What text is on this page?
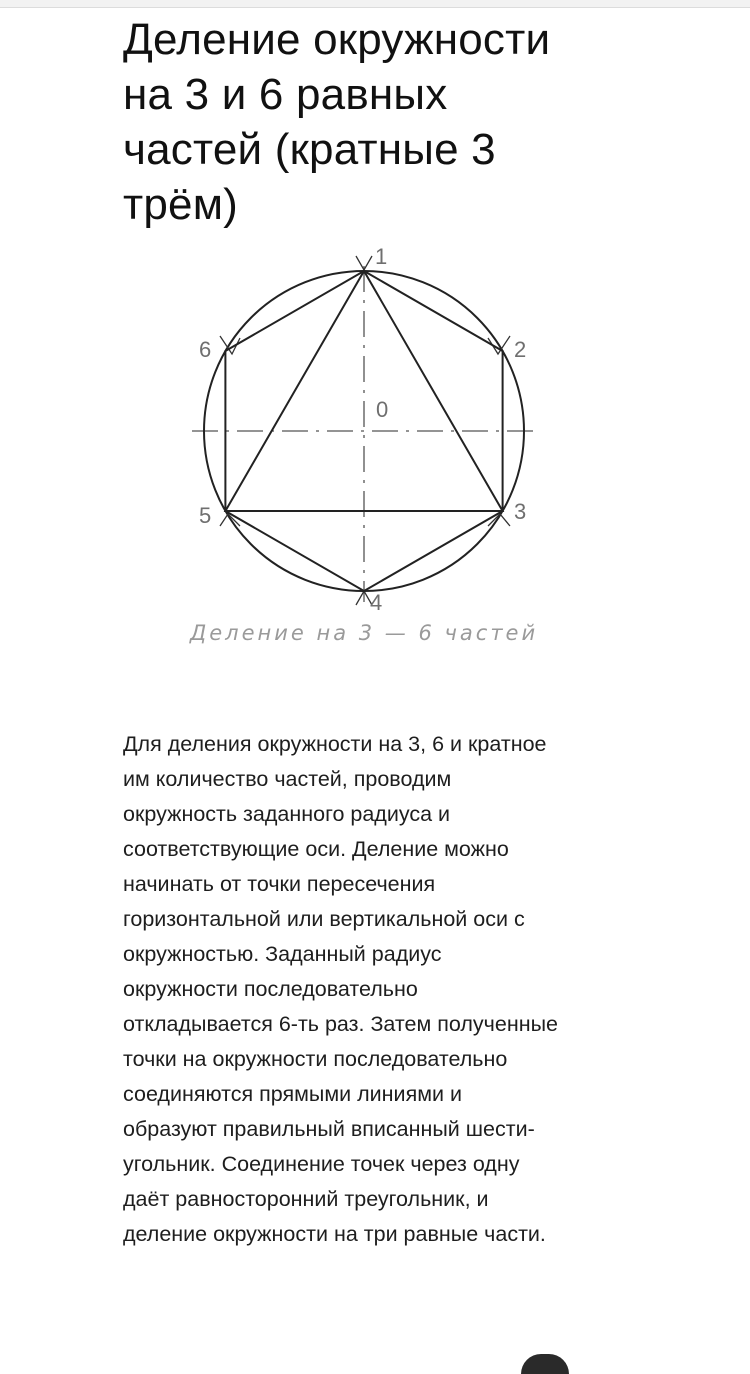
Деление окружности
на 3 и 6 равных
частей (кратные 3
трём)
1
2
3
4
5
6
0
Деление на 3 — 6 частей

Для деления окружности на 3, 6 и кратное
им количество частей, проводим
окружность заданного радиуса и
соответствующие оси. Деление можно
начинать от точки пересечения
горизонтальной или вертикальной оси с
окружностью. Заданный радиус
окружности последовательно
откладывается 6-ть раз. Затем полученные
точки на окружности последовательно
соединяются прямыми линиями и
образуют правильный вписанный шести-
угольник. Соединение точек через одну
даёт равносторонний треугольник, и
деление окружности на три равные части.
